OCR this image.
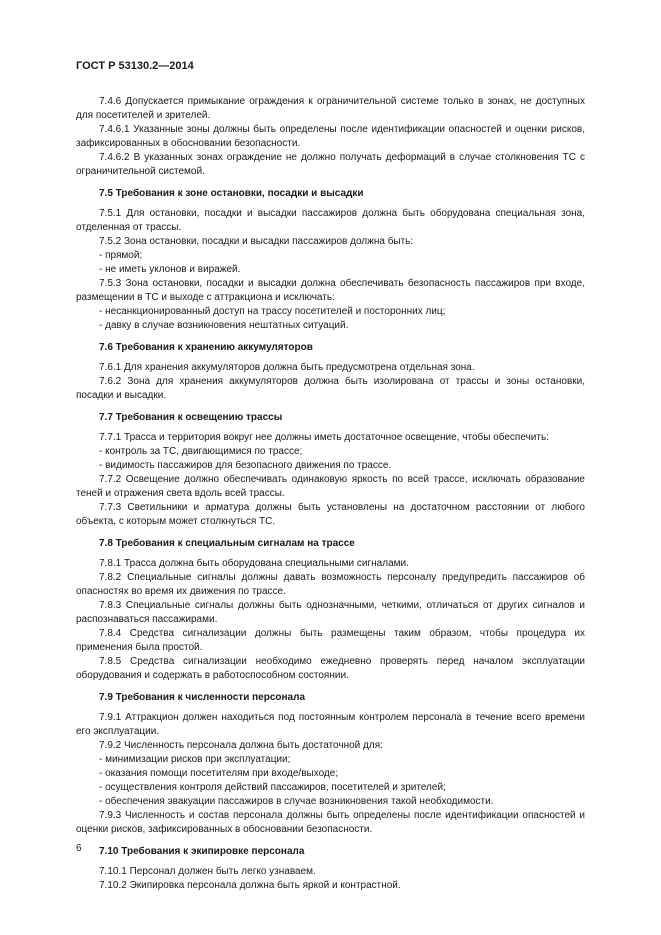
ГОСТ Р 53130.2—2014

7.4.6 Допускается примыкание ограждения к ограничительной системе только в зонах, не доступных для посетителей и зрителей.

7.4.6.1 Указанные зоны должны быть определены после идентификации опасностей и оценки рисков, зафиксированных в обосновании безопасности.

7.4.6.2 В указанных зонах ограждение не должно получать деформаций в случае столкновения ТС с ограничительной системой.

7.5 Требования к зоне остановки, посадки и высадки

7.5.1 Для остановки, посадки и высадки пассажиров должна быть оборудована специальная зона, отделенная от трассы.

7.5.2 Зона остановки, посадки и высадки пассажиров должна быть:

- прямой;

- не иметь уклонов и виражей.

7.5.3 Зона остановки, посадки и высадки должна обеспечивать безопасность пассажиров при входе, размещении в ТС и выходе с аттракциона и исключать:

- несанкционированный доступ на трассу посетителей и посторонних лиц;

- давку в случае возникновения нештатных ситуаций.

7.6 Требования к хранению аккумуляторов

7.6.1 Для хранения аккумуляторов должна быть предусмотрена отдельная зона.

7.6.2 Зона для хранения аккумуляторов должна быть изолирована от трассы и зоны остановки, посадки и высадки.

7.7 Требования к освещению трассы

7.7.1 Трасса и территория вокруг нее должны иметь достаточное освещение, чтобы обеспечить:

- контроль за ТС, двигающимися по трассе;

- видимость пассажиров для безопасного движения по трассе.

7.7.2 Освещение должно обеспечивать одинаковую яркость по всей трассе, исключать образование теней и отражения света вдоль всей трассы.

7.7.3 Светильники и арматура должны быть установлены на достаточном расстоянии от любого объекта, с которым может столкнуться ТС.

7.8 Требования к специальным сигналам на трассе

7.8.1 Трасса должна быть оборудована специальными сигналами.

7.8.2 Специальные сигналы должны давать возможность персоналу предупредить пассажиров об опасностях во время их движения по трассе.

7.8.3 Специальные сигналы должны быть однозначными, четкими, отличаться от других сигналов и распознаваться пассажирами.

7.8.4 Средства сигнализации должны быть размещены таким образом, чтобы процедура их применения была простой.

7.8.5 Средства сигнализации необходимо ежедневно проверять перед началом эксплуатации оборудования и содержать в работоспособном состоянии.

7.9 Требования к численности персонала

7.9.1 Аттракцион должен находиться под постоянным контролем персонала в течение всего времени его эксплуатации.

7.9.2 Численность персонала должна быть достаточной для:

- минимизации рисков при эксплуатации;

- оказания помощи посетителям при входе/выходе;

- осуществления контроля действий пассажиров, посетителей и зрителей;

- обеспечения эвакуации пассажиров в случае возникновения такой необходимости.

7.9.3 Численность и состав персонала должны быть определены после идентификации опасностей и оценки рисков, зафиксированных в обосновании безопасности.

7.10 Требования к экипировке персонала

7.10.1 Персонал должен быть легко узнаваем.

7.10.2 Экипировка персонала должна быть яркой и контрастной.

6
